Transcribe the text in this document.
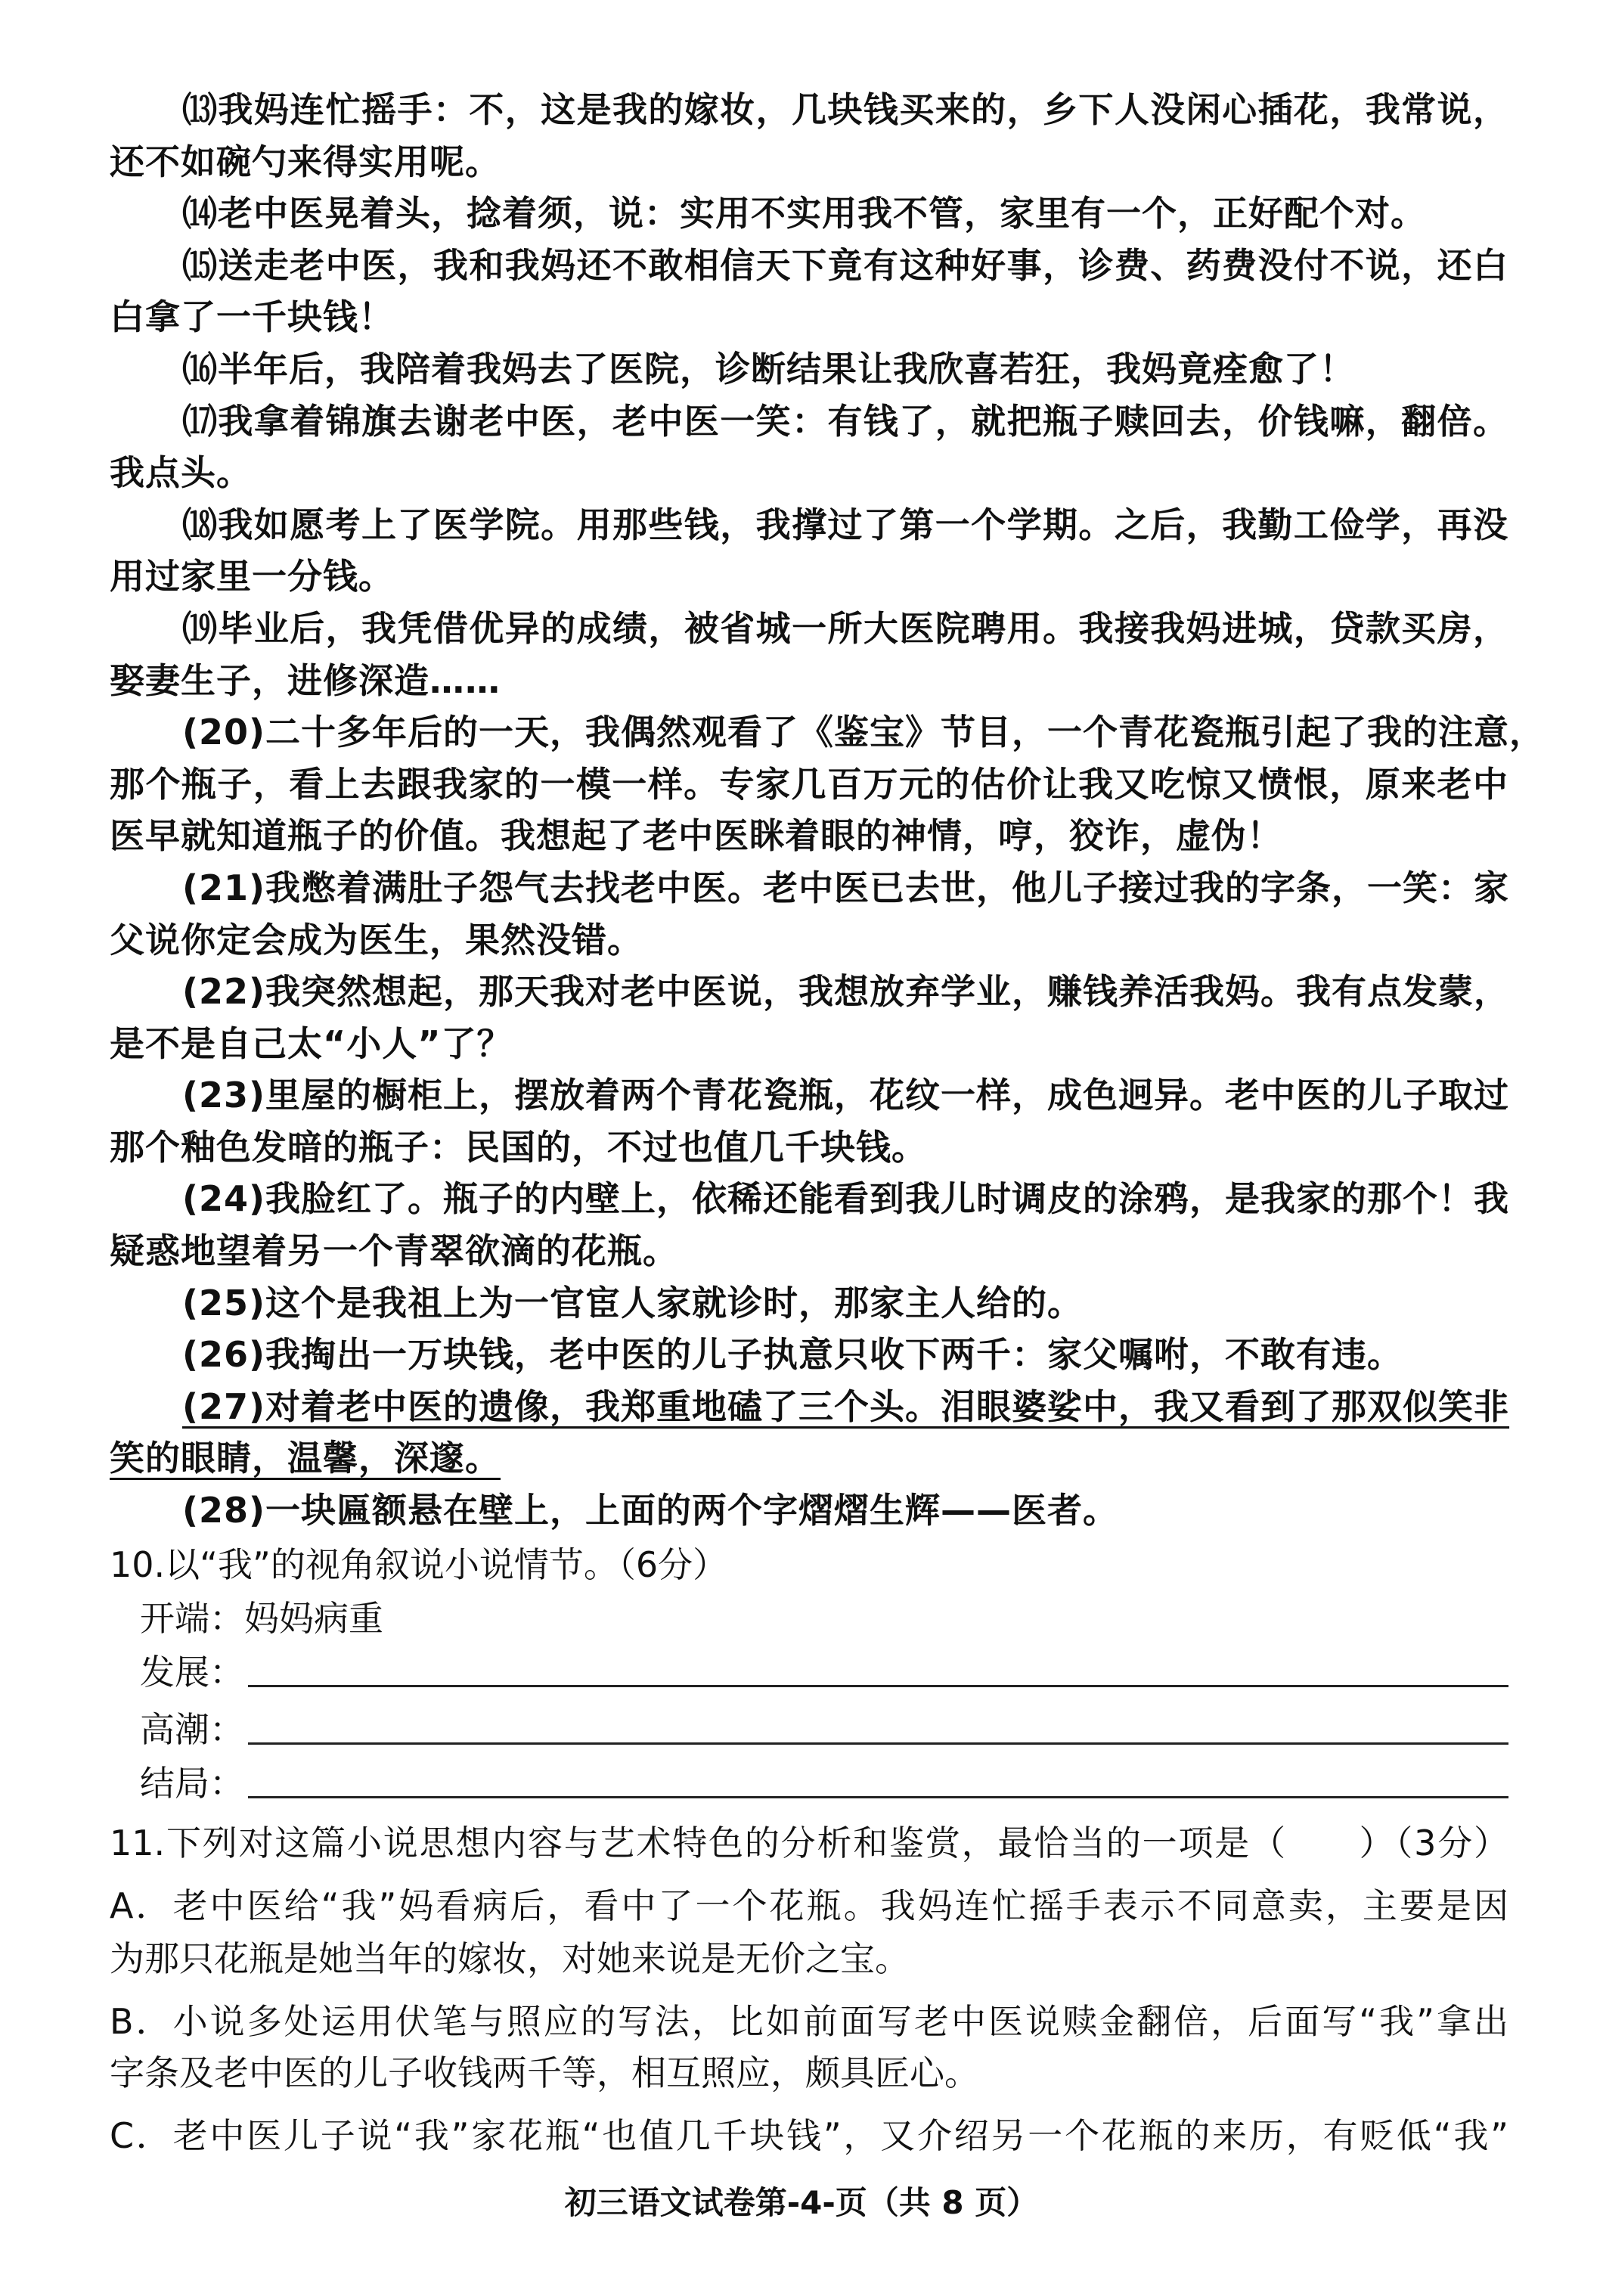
⒀我妈连忙摇手：不，这是我的嫁妆，几块钱买来的，乡下人没闲心插花，我常说，
还不如碗勺来得实用呢。
⒁老中医晃着头，捻着须，说：实用不实用我不管，家里有一个，正好配个对。
⒂送走老中医，我和我妈还不敢相信天下竟有这种好事，诊费、药费没付不说，还白
白拿了一千块钱！
⒃半年后，我陪着我妈去了医院，诊断结果让我欣喜若狂，我妈竟痊愈了！
⒄我拿着锦旗去谢老中医，老中医一笑：有钱了，就把瓶子赎回去，价钱嘛，翻倍。
我点头。
⒅我如愿考上了医学院。用那些钱，我撑过了第一个学期。之后，我勤工俭学，再没
用过家里一分钱。
⒆毕业后，我凭借优异的成绩，被省城一所大医院聘用。我接我妈进城，贷款买房，
娶妻生子，进修深造……
(20)二十多年后的一天，我偶然观看了《鉴宝》节目，一个青花瓷瓶引起了我的注意，
那个瓶子，看上去跟我家的一模一样。专家几百万元的估价让我又吃惊又愤恨，原来老中
医早就知道瓶子的价值。我想起了老中医眯着眼的神情，哼，狡诈，虚伪！
(21)我憋着满肚子怨气去找老中医。老中医已去世，他儿子接过我的字条，一笑：家
父说你定会成为医生，果然没错。
(22)我突然想起，那天我对老中医说，我想放弃学业，赚钱养活我妈。我有点发蒙，
是不是自己太“小人”了？
(23)里屋的橱柜上，摆放着两个青花瓷瓶，花纹一样，成色迥异。老中医的儿子取过
那个釉色发暗的瓶子：民国的，不过也值几千块钱。
(24)我脸红了。瓶子的内壁上，依稀还能看到我儿时调皮的涂鸦，是我家的那个！我
疑惑地望着另一个青翠欲滴的花瓶。
(25)这个是我祖上为一官宦人家就诊时，那家主人给的。
(26)我掏出一万块钱，老中医的儿子执意只收下两千：家父嘱咐，不敢有违。
(27)对着老中医的遗像，我郑重地磕了三个头。泪眼婆娑中，我又看到了那双似笑非
笑的眼睛，温馨，深邃。
(28)一块匾额悬在壁上，上面的两个字熠熠生辉——医者。
10.以“我”的视角叙说小说情节。（6分）
开端：妈妈病重
发展：
高潮：
结局：
11.下列对这篇小说思想内容与艺术特色的分析和鉴赏，最恰当的一项是（　　）（3分）
A．老中医给“我”妈看病后，看中了一个花瓶。我妈连忙摇手表示不同意卖，主要是因
为那只花瓶是她当年的嫁妆，对她来说是无价之宝。
B．小说多处运用伏笔与照应的写法，比如前面写老中医说赎金翻倍，后面写“我”拿出
字条及老中医的儿子收钱两千等，相互照应，颇具匠心。
C．老中医儿子说“我”家花瓶“也值几千块钱”，又介绍另一个花瓶的来历，有贬低“我”
初三语文试卷第-4-页（共 8 页）
